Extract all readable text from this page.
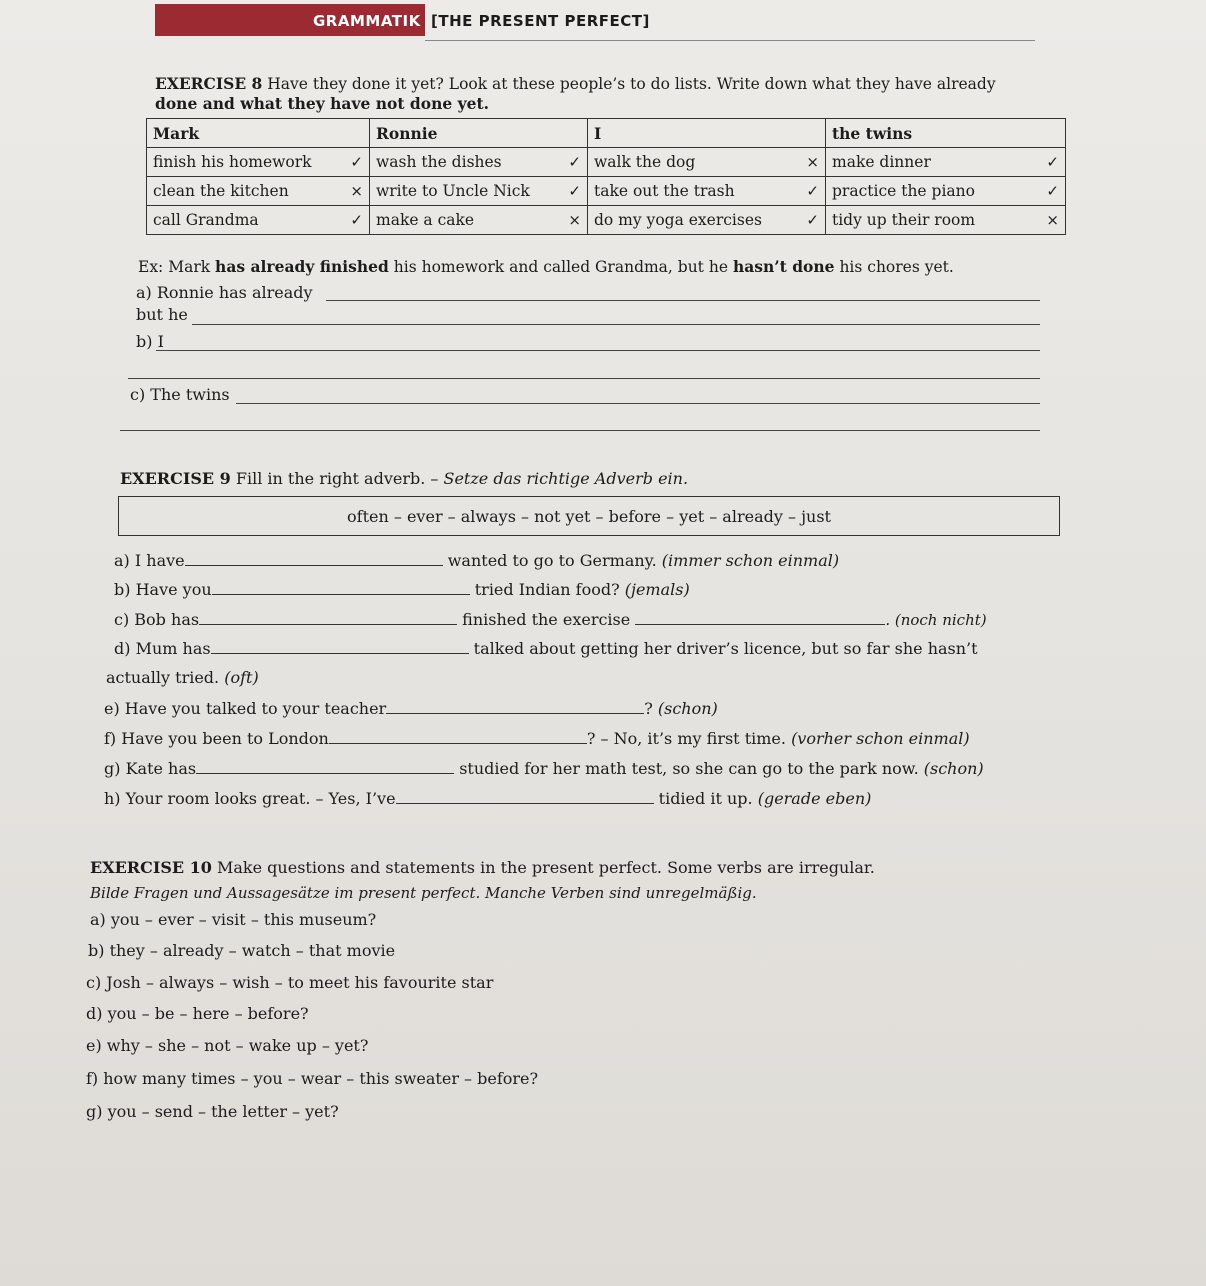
GRAMMATIK [THE PRESENT PERFECT]
EXERCISE 8 Have they done it yet? Look at these people’s to do lists. Write down what they have already
done and what they have not done yet.
Mark	Ronnie	I	the twins

finish his homework ✓	wash the dishes ✓	walk the dog ×	make dinner ✓

clean the kitchen ×	write to Uncle Nick ✓	take out the trash ✓	practice the piano ✓

call Grandma ✓	make a cake ×	do my yoga exercises ✓	tidy up their room ×
Ex: Mark has already finished his homework and called Grandma, but he hasn’t done his chores yet.
a) Ronnie has already
but he
b) I
c) The twins
EXERCISE 9 Fill in the right adverb. – Setze das richtige Adverb ein.
often – ever – always – not yet – before – yet – already – just
a) I have	wanted to go to Germany. (immer schon einmal)
b) Have you	tried Indian food? (jemals)
c) Bob has	finished the exercise	. (noch nicht)
d) Mum has	talked about getting her driver’s licence, but so far she hasn’t
actually tried. (oft)
e) Have you talked to your teacher	? (schon)
f) Have you been to London	? – No, it’s my first time. (vorher schon einmal)
g) Kate has	studied for her math test, so she can go to the park now. (schon)
h) Your room looks great. – Yes, I’ve	tidied it up. (gerade eben)
EXERCISE 10 Make questions and statements in the present perfect. Some verbs are irregular.
Bilde Fragen und Aussagesätze im present perfect. Manche Verben sind unregelmäßig.
a) you – ever – visit – this museum?
b) they – already – watch – that movie
c) Josh – always – wish – to meet his favourite star
d) you – be – here – before?
e) why – she – not – wake up – yet?
f) how many times – you – wear – this sweater – before?
g) you – send – the letter – yet?
